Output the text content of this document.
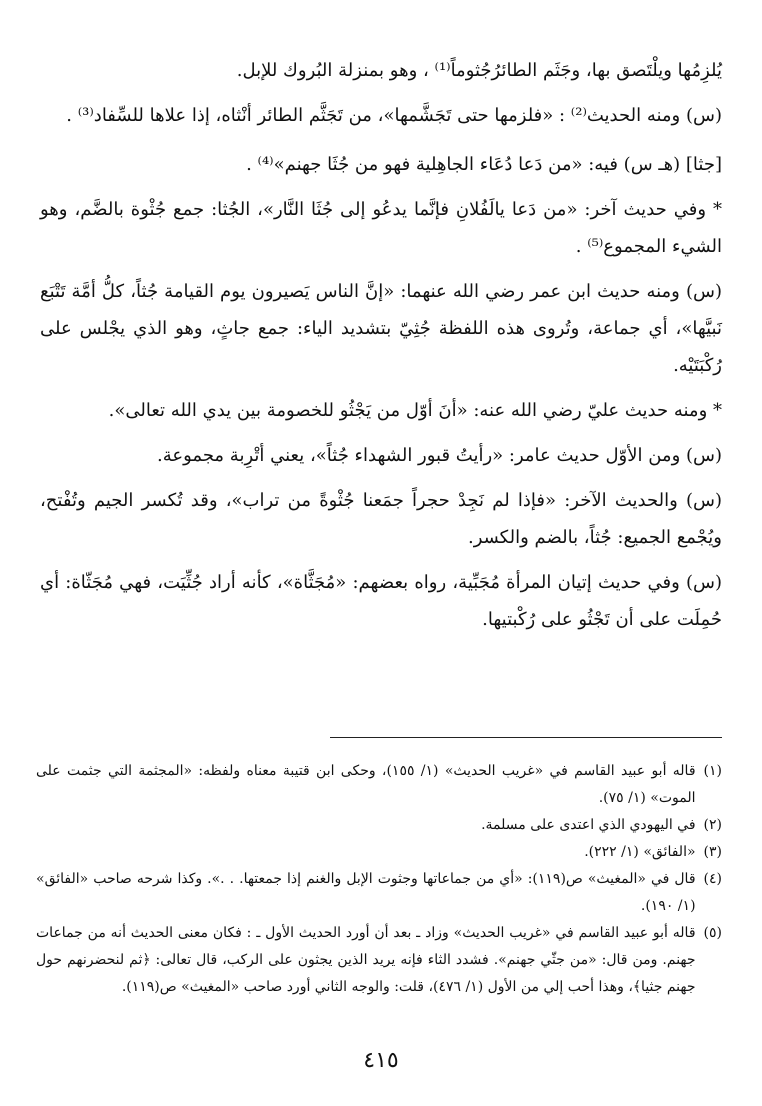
يُلزِمُها ويلْتَصق بها، وجَثَم الطائرُجُثوماً⁽¹⁾ ، وهو بمنزلة البُروك للإبل.

(س) ومنه الحديث⁽²⁾ : «فلزمها حتى تَجَشَّمها»، من تَجَثَّم الطائر أنْثاه، إذا علاها للسِّفاد⁽³⁾ .

[جثا] (هـ س) فيه: «من دَعا دُعَاء الجاهِلية فهو من جُثَا جهنم»⁽⁴⁾ .

* وفي حديث آخر: «من دَعا يالَفُلانِ فإنَّما يدعُو إلى جُثَا النَّار»، الجُثا: جمع جُثْوة بالضَّم، وهو الشيء المجموع⁽⁵⁾ .

(س) ومنه حديث ابن عمر رضي الله عنهما: «إنَّ الناس يَصيرون يوم القيامة جُثاً، كلُّ أمَّة تَتْبَع نَبيَّها»، أي جماعة، وتُروى هذه اللفظة جُثِيّ بتشديد الياء: جمع جاثٍ، وهو الذي يجْلس على رُكْبَتَيْه.

* ومنه حديث عليّ رضي الله عنه: «أنَ أوّل من يَجْثُو للخصومة بين يدي الله تعالى».

(س) ومن الأوّل حديث عامر: «رأيتُ قبور الشهداء جُثاً»، يعني أتْرِبة مجموعة.

(س) والحديث الآخر: «فإذا لم نَجِدْ حجراً جمَعنا جُثْوةً من تراب»، وقد تُكسر الجيم وتُفْتح، ويُجْمع الجميع: جُثاً، بالضم والكسر.

(س) وفي حديث إتيان المرأة مُجَبِّية، رواه بعضهم: «مُجَثَّاة»، كأنه أراد جُثِّيَت، فهي مُجَثّاة: أي حُمِلَت على أن تَجْثُو على رُكْبتيها.

(١)
قاله أبو عبيد القاسم في «غريب الحديث» (١/ ١٥٥)، وحكى ابن قتيبة معناه ولفظه: «المجثمة التي جثمت على الموت» (١/ ٧٥).
(٢)
في اليهودي الذي اعتدى على مسلمة.
(٣)
«الفائق» (١/ ٢٢٢).
(٤)
قال في «المغيث» ص(١١٩): «أي من جماعاتها وجثوت الإبل والغنم إذا جمعتها. . .». وكذا شرحه صاحب «الفائق» (١/ ١٩٠).
(٥)
قاله أبو عبيد القاسم في «غريب الحديث» وزاد ـ بعد أن أورد الحديث الأول ـ : فكان معنى الحديث أنه من جماعات جهنم. ومن قال: «من جثّي جهنم». فشدد الثاء فإنه يريد الذين يجثون على الركب، قال تعالى: ﴿ثم لنحضرنهم حول جهنم جثيا﴾، وهذا أحب إلي من الأول (١/ ٤٧٦)، قلت: والوجه الثاني أورد صاحب «المغيث» ص(١١٩).
٤١٥
